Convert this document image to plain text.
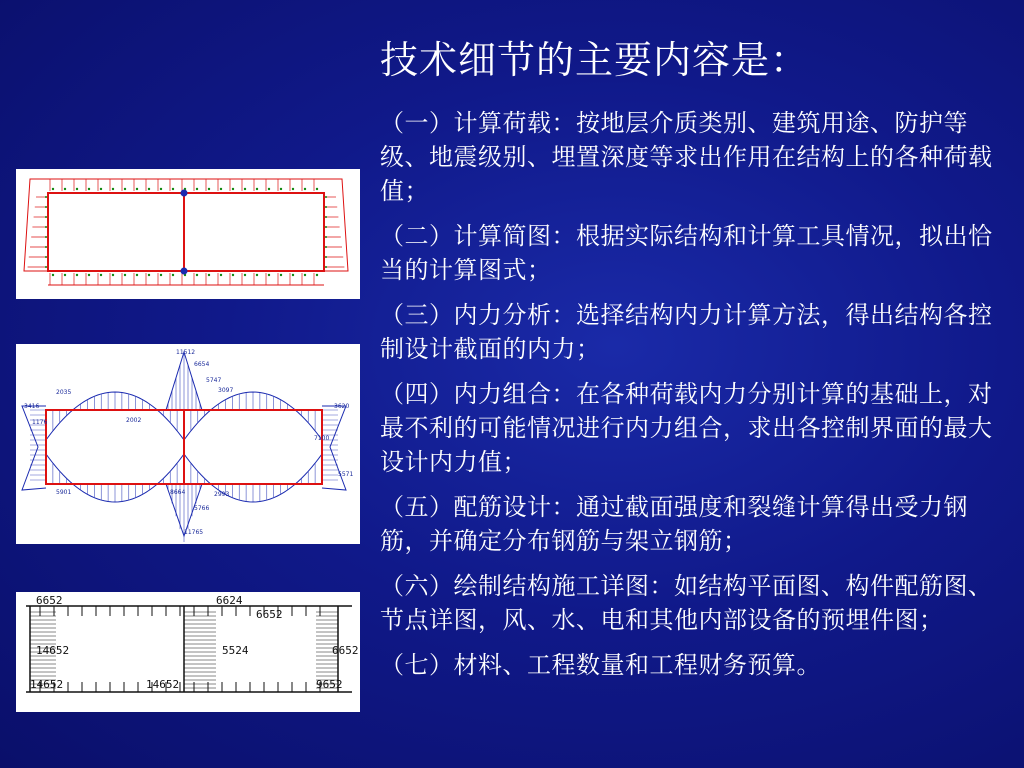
技术细节的主要内容是：
（一）计算荷载：按地层介质类别、建筑用途、防护等级、地震级别、埋置深度等求出作用在结构上的各种荷载值；
（二）计算简图：根据实际结构和计算工具情况，拟出恰当的计算图式；
（三）内力分析：选择结构内力计算方法，得出结构各控制设计截面的内力；
（四）内力组合：在各种荷载内力分别计算的基础上，对最不利的可能情况进行内力组合，求出各控制界面的最大设计内力值；
（五）配筋设计：通过截面强度和裂缝计算得出受力钢筋，并确定分布钢筋与架立钢筋；
（六）绘制结构施工详图：如结构平面图、构件配筋图、节点详图，风、水、电和其他内部设备的预埋件图；
（七）材料、工程数量和工程财务预算。
11512
6654
5747
2035	3097
3416	3620
1176	2002
7100
5571
2993
5766
11765
8664
5901
6652	6624
6652
14652	5524	6652
14652	14652	9652
